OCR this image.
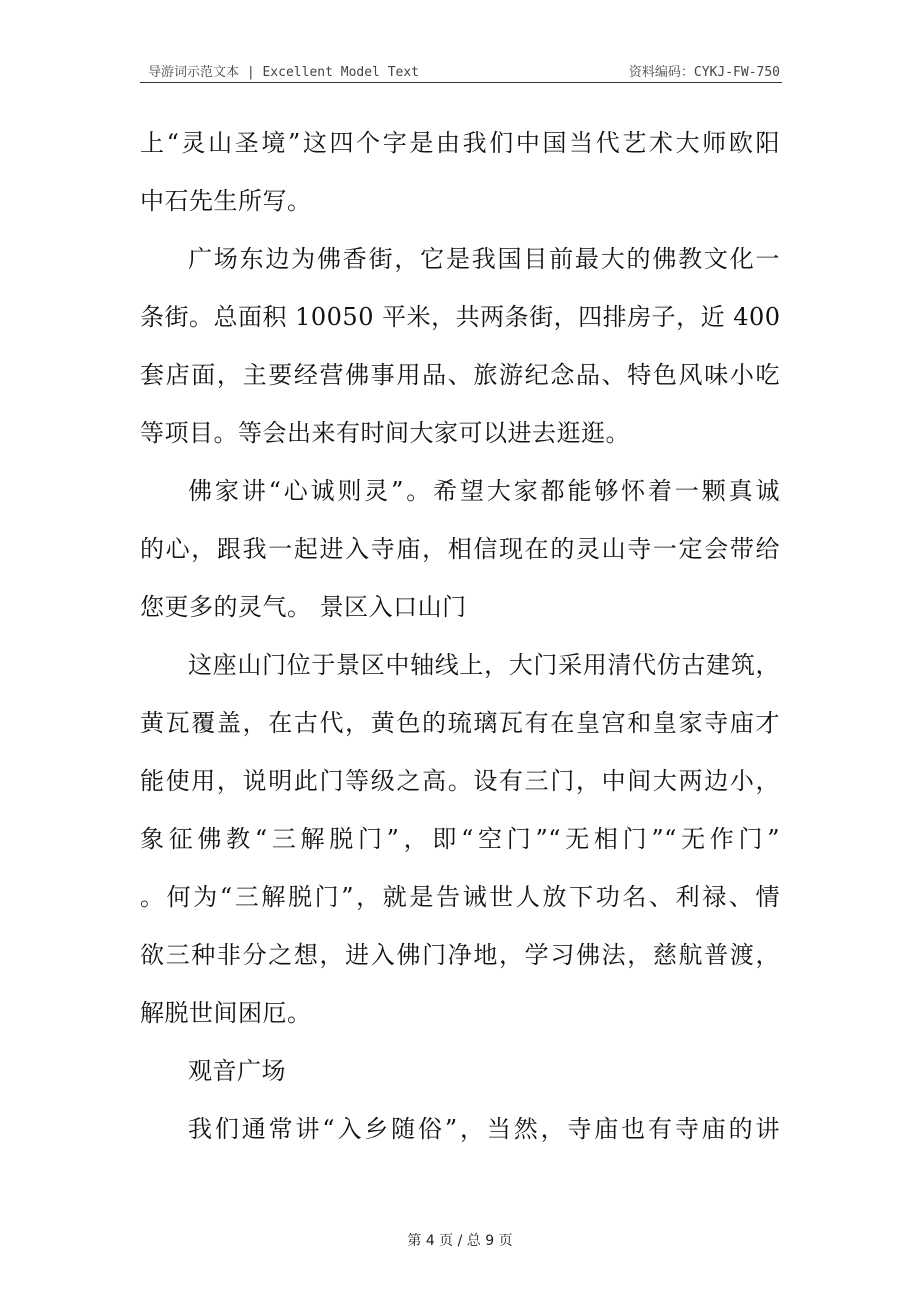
导游词示范文本 | Excellent Model Text	资料编码：CYKJ-FW-750
上“灵山圣境”这四个字是由我们中国当代艺术大师欧阳
中石先生所写。
广场东边为佛香街，它是我国目前最大的佛教文化一
条街。总面积 10050 平米，共两条街，四排房子，近 400
套店面，主要经营佛事用品、旅游纪念品、特色风味小吃
等项目。等会出来有时间大家可以进去逛逛。
佛家讲“心诚则灵”。希望大家都能够怀着一颗真诚
的心，跟我一起进入寺庙，相信现在的灵山寺一定会带给
您更多的灵气。 景区入口山门
这座山门位于景区中轴线上，大门采用清代仿古建筑，
黄瓦覆盖，在古代，黄色的琉璃瓦有在皇宫和皇家寺庙才
能使用，说明此门等级之高。设有三门，中间大两边小，
象征佛教“三解脱门”，即“空门”“无相门”“无作门”
。何为“三解脱门”，就是告诫世人放下功名、利禄、情
欲三种非分之想，进入佛门净地，学习佛法，慈航普渡，
解脱世间困厄。
观音广场
我们通常讲“入乡随俗”，当然，寺庙也有寺庙的讲
第 4 页 / 总 9 页
